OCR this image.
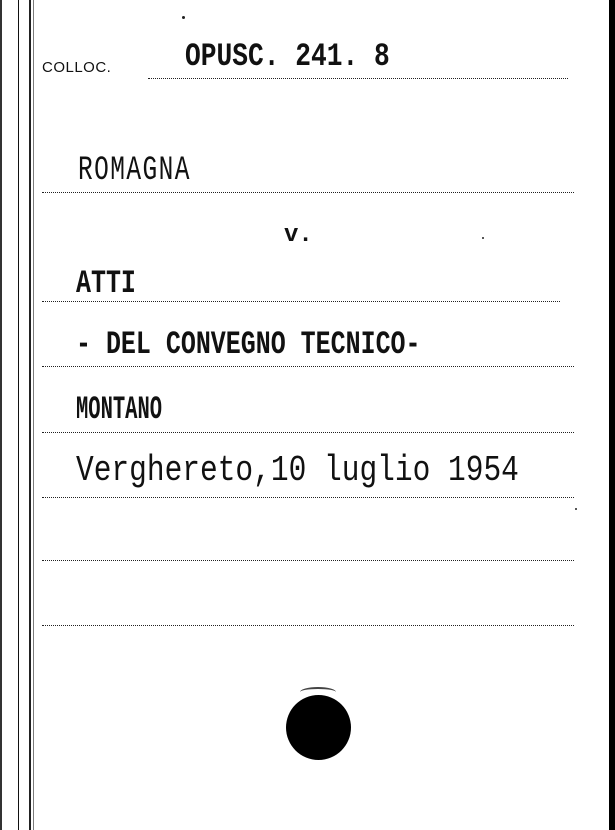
COLLOC. OPUSC. 241. 8
ROMAGNA
v.
ATTI
- DEL CONVEGNO TECNICO-
MONTANO
Verghereto,10 luglio 1954
